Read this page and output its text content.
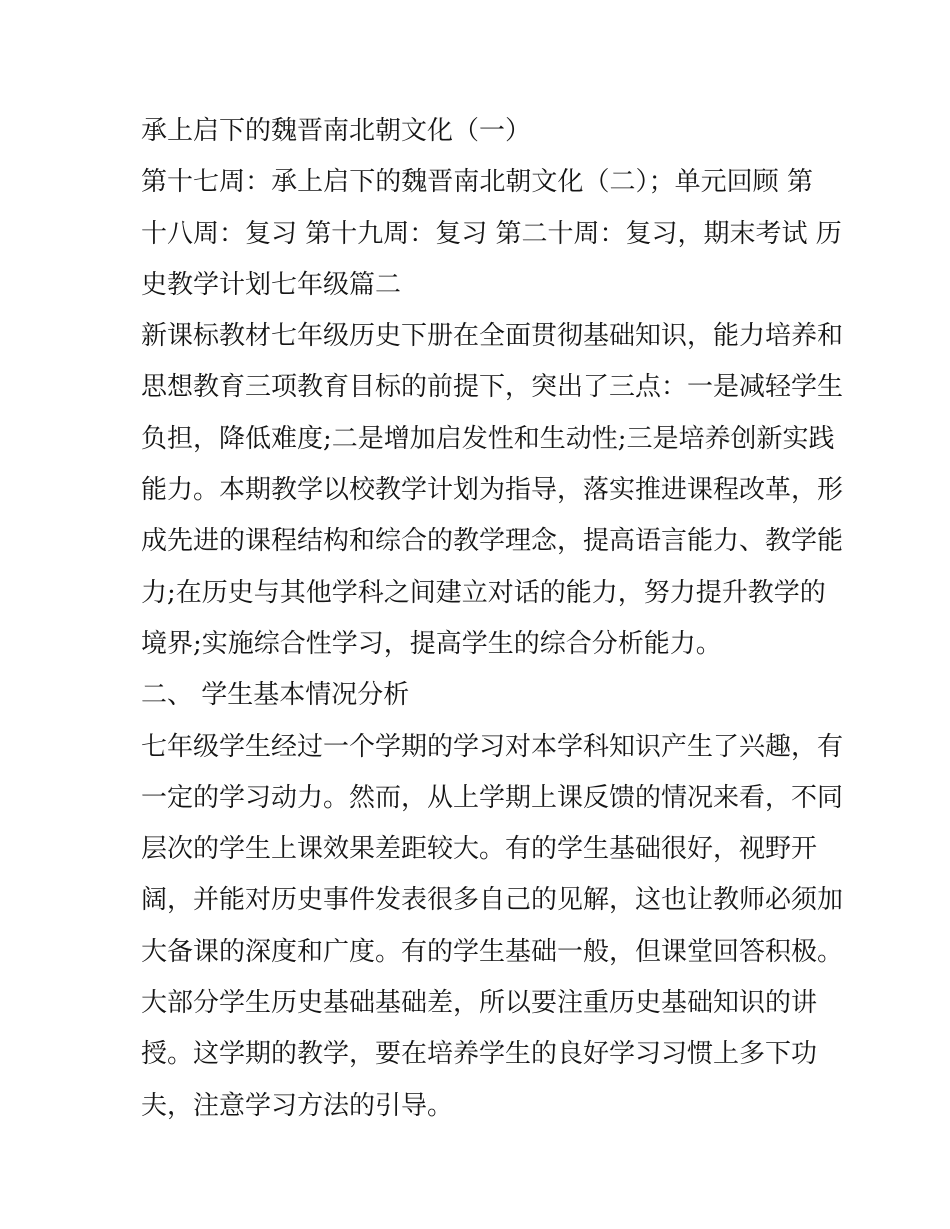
承上启下的魏晋南北朝文化（一）
第十七周：承上启下的魏晋南北朝文化（二）；单元回顾 第
十八周：复习 第十九周：复习 第二十周：复习，期末考试 历
史教学计划七年级篇二
新课标教材七年级历史下册在全面贯彻基础知识，能力培养和
思想教育三项教育目标的前提下，突出了三点：一是减轻学生
负担，降低难度;二是增加启发性和生动性;三是培养创新实践
能力。本期教学以校教学计划为指导，落实推进课程改革，形
成先进的课程结构和综合的教学理念，提高语言能力、教学能
力;在历史与其他学科之间建立对话的能力，努力提升教学的
境界;实施综合性学习，提高学生的综合分析能力。
二、 学生基本情况分析
七年级学生经过一个学期的学习对本学科知识产生了兴趣，有
一定的学习动力。然而，从上学期上课反馈的情况来看，不同
层次的学生上课效果差距较大。有的学生基础很好，视野开
阔，并能对历史事件发表很多自己的见解，这也让教师必须加
大备课的深度和广度。有的学生基础一般，但课堂回答积极。
大部分学生历史基础基础差，所以要注重历史基础知识的讲
授。这学期的教学，要在培养学生的良好学习习惯上多下功
夫，注意学习方法的引导。
